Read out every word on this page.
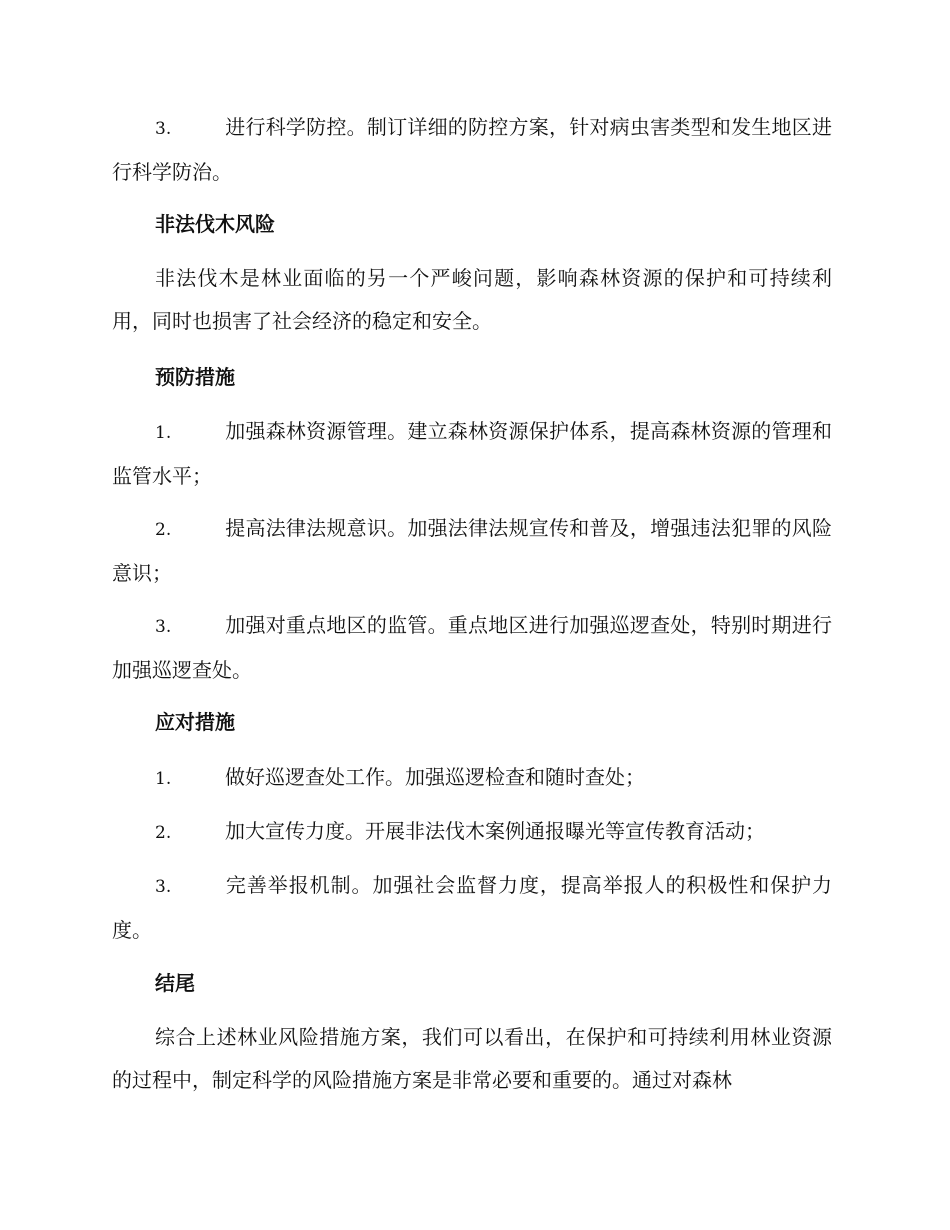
3.	进行科学防控。制订详细的防控方案，针对病虫害类型和发生地区进行科学防治。

非法伐木风险

非法伐木是林业面临的另一个严峻问题，影响森林资源的保护和可持续利用，同时也损害了社会经济的稳定和安全。

预防措施

1.	加强森林资源管理。建立森林资源保护体系，提高森林资源的管理和监管水平；

2.	提高法律法规意识。加强法律法规宣传和普及，增强违法犯罪的风险意识；

3.	加强对重点地区的监管。重点地区进行加强巡逻查处，特别时期进行加强巡逻查处。

应对措施

1.	做好巡逻查处工作。加强巡逻检查和随时查处；

2.	加大宣传力度。开展非法伐木案例通报曝光等宣传教育活动；

3.	完善举报机制。加强社会监督力度，提高举报人的积极性和保护力度。

结尾

综合上述林业风险措施方案，我们可以看出，在保护和可持续利用林业资源的过程中，制定科学的风险措施方案是非常必要和重要的。通过对森林
